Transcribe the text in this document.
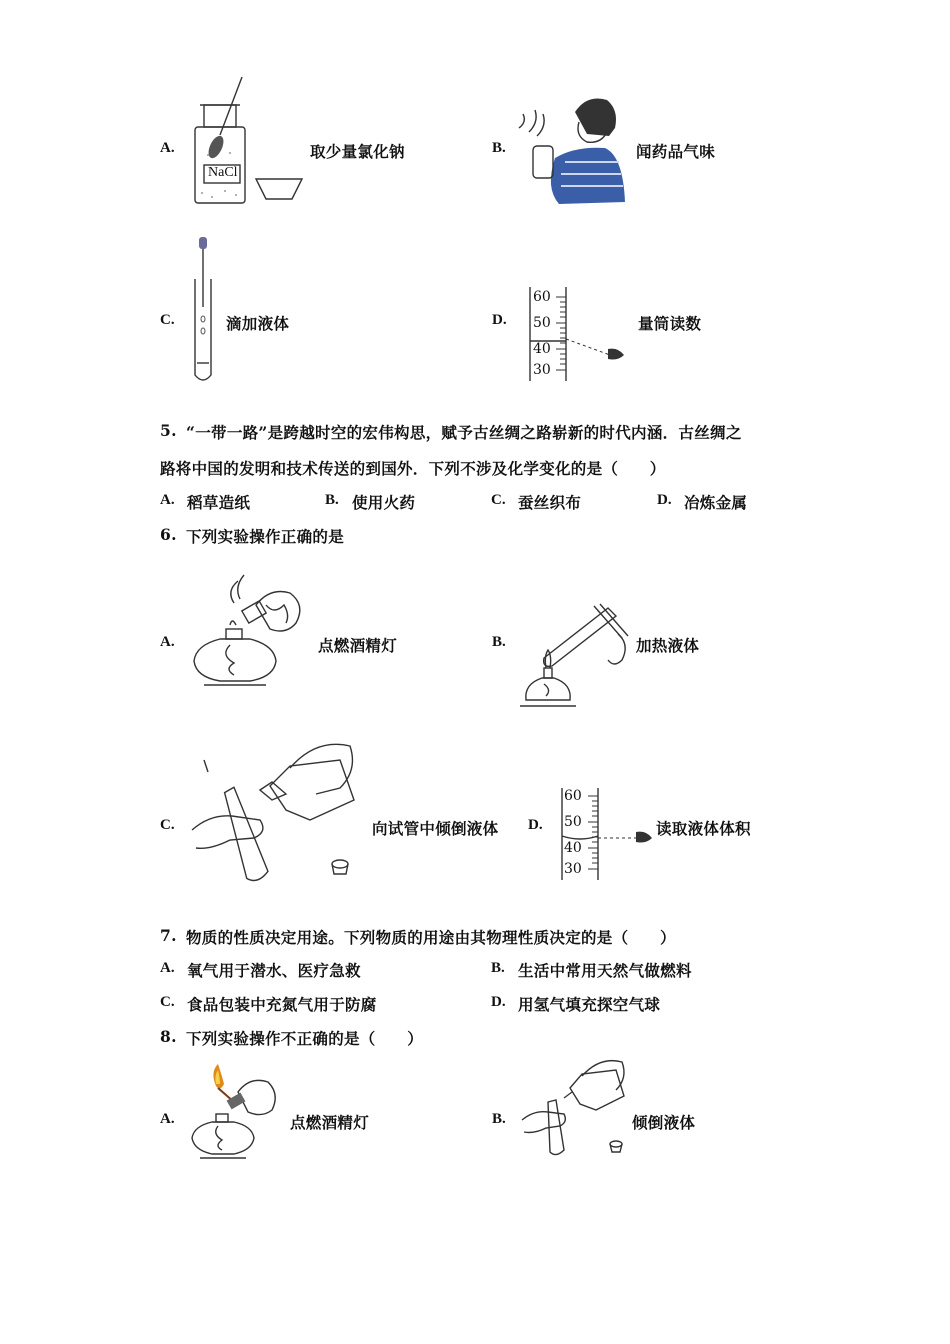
A.
NaCl
取少量氯化钠	B.	闻药品气味
C.	滴加液体	D.
60
50
40
30
量筒读数
5. “一带一路”是跨越时空的宏伟构思，赋予古丝绸之路崭新的时代内涵．古丝绸之
路将中国的发明和技术传送的到国外．下列不涉及化学变化的是（　　）
A. 稻草造纸	B. 使用火药	C. 蚕丝织布	D. 冶炼金属
6. 下列实验操作正确的是
A.	点燃酒精灯	B.	加热液体
C.	向试管中倾倒液体 D.
60
50
40
30
读取液体体积
7. 物质的性质决定用途。下列物质的用途由其物理性质决定的是（　　）
A. 氧气用于潜水、医疗急救	B. 生活中常用天然气做燃料
C. 食品包装中充氮气用于防腐	D. 用氢气填充探空气球
8. 下列实验操作不正确的是（　　）
A.	点燃酒精灯	B.	倾倒液体
